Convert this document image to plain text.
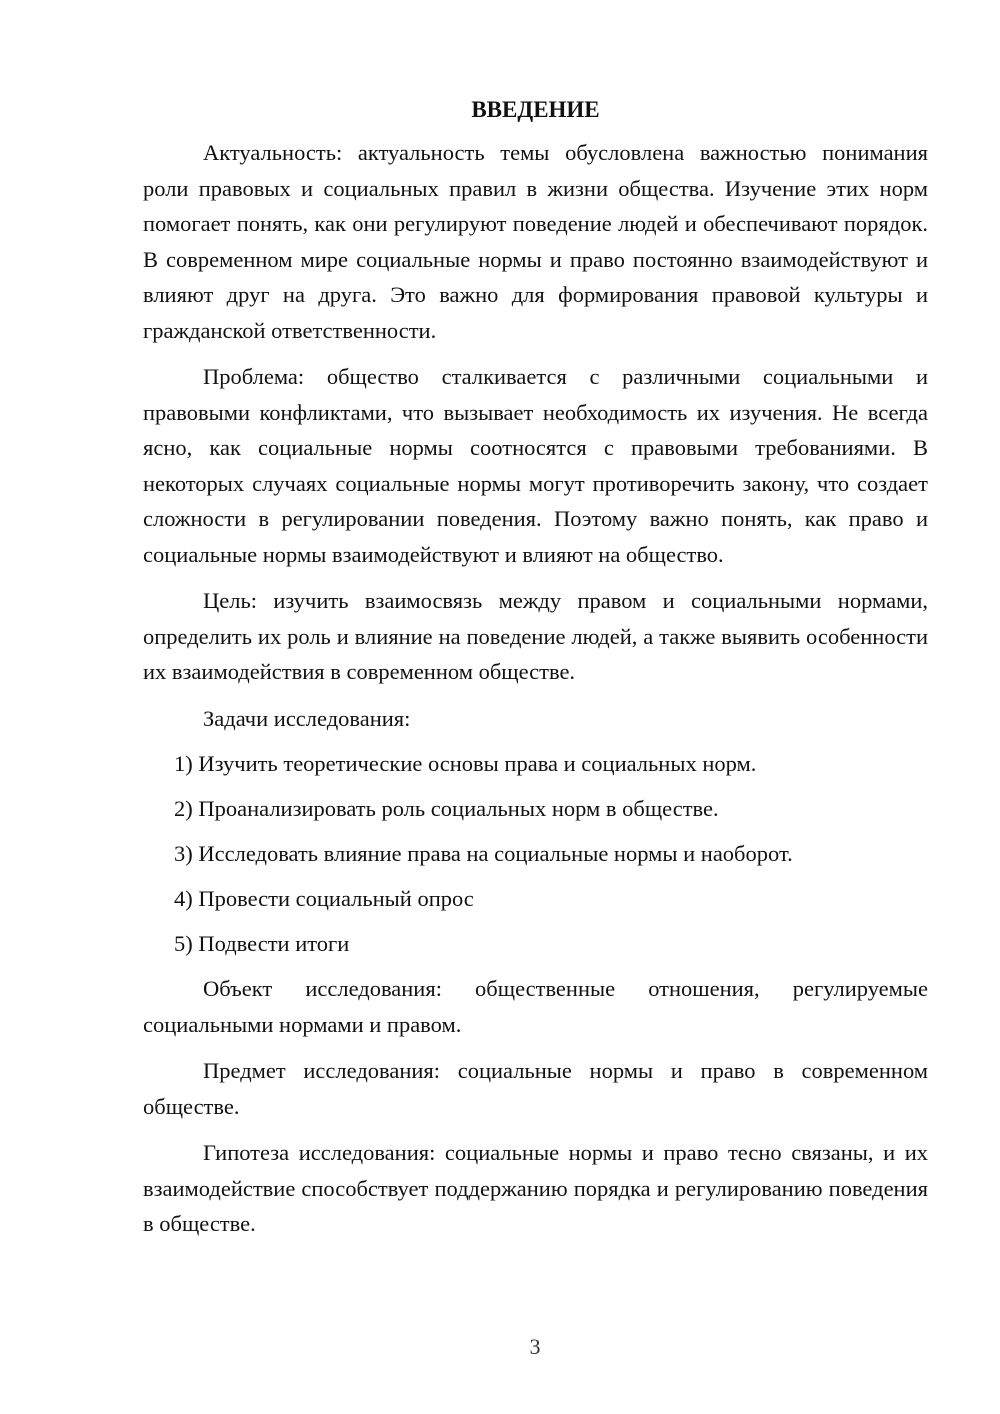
ВВЕДЕНИЕ

Актуальность: актуальность темы обусловлена важностью понимания роли правовых и социальных правил в жизни общества. Изучение этих норм помогает понять, как они регулируют поведение людей и обеспечивают порядок. В современном мире социальные нормы и право постоянно взаимодействуют и влияют друг на друга. Это важно для формирования правовой культуры и гражданской ответственности.

Проблема: общество сталкивается с различными социальными и правовыми конфликтами, что вызывает необходимость их изучения. Не всегда ясно, как социальные нормы соотносятся с правовыми требованиями. В некоторых случаях социальные нормы могут противоречить закону, что создает сложности в регулировании поведения. Поэтому важно понять, как право и социальные нормы взаимодействуют и влияют на общество.

Цель: изучить взаимосвязь между правом и социальными нормами, определить их роль и влияние на поведение людей, а также выявить особенности их взаимодействия в современном обществе.

Задачи исследования:

1) Изучить теоретические основы права и социальных норм.

2) Проанализировать роль социальных норм в обществе.

3) Исследовать влияние права на социальные нормы и наоборот.

4) Провести социальный опрос

5) Подвести итоги

Объект исследования: общественные отношения, регулируемые социальными нормами и правом.

Предмет исследования: социальные нормы и право в современном обществе.

Гипотеза исследования: социальные нормы и право тесно связаны, и их взаимодействие способствует поддержанию порядка и регулированию поведения в обществе.

3
